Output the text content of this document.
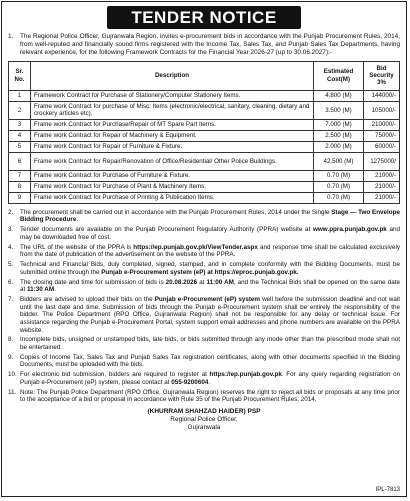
TENDER NOTICE
1.	The Regional Police Officer, Gujranwala Region, invites e-procurement bids in accordance with the Punjab Procurement Rules, 2014, from well-reputed and financially sound firms registered with the Income Tax, Sales Tax, and Punjab Sales Tax Departments, having relevant experience, for the following Framework Contracts for the Financial Year 2026-27 (up to 30.06.2027):-
Sr. No.	Description	Estimated Cost(M)	Bid Security 3%
1	Framework Contract for Purchase of Stationery/Computer Stationery Items.	4.800 (M)	144000/-
2	Frame work Contract for purchase of Misc: Items (electronic/electrical, sanitary, cleaning, dietary and crockery articles etc).	3.500 (M)	105000/-
3	Frame work Contract for Purchase/Repair of MT Spare Part Items.	7.000 (M)	210000/-
4	Frame work Contract for Repair of Machinery & Equipment.	2.500 (M)	75000/-
5	Frame work Contract for Repair of Furniture & Fixture.	2.000 (M)	60000/-
6	Frame work Contract for Repair/Renovation of Office/Residential/ Other Police Buildings.	42.500 (M)	1275000/
7	Frame work Contract for Purchase of Furniture & Fixture.	0.70 (M)	21000/-
8	Frame work Contract for Purchase of Plant & Machinery Items.	0.70 (M)	21000/-
9	Frame work Contract for Purchase of Printing & Publication Items.	0.70 (M)	21000/-
2.	The procurement shall be carried out in accordance with the Punjab Procurement Rules, 2014 under the Single Stage — Two Envelope Bidding Procedure.
3.	Tender documents are available on the Punjab Procurement Regulatory Authority (PPRA) website at www.ppra.punjab.gov.pk and may be downloaded free of cost.
4.	The URL of the website of the PPRA is https://ep.punjab.gov.pk/ViewTender.aspx and response time shall be calculated exclusively from the date of publication of the advertisement on the website of the PPRA.
5.	Technical and Financial Bids, duly completed, signed, stamped, and in complete conformity with the Bidding Documents, must be submitted online through the Punjab e-Procurement system (eP) at https://eproc.punjab.gov.pk.
6.	The closing date and time for submission of bids is 20.08.2026 at 11:00 AM, and the Technical Bids shall be opened on the same date at 11:30 AM.
7.	Bidders are advised to upload their bids on the Punjab e-Procurement (eP) system well before the submission deadline and not wait until the last date and time. Submission of bids through the Punjab e-Procurement system shall be entirely the responsibility of the bidder. The Police Department (RPO Office, Gujranwala Region) shall not be responsible for any delay or technical issue. For assistance regarding the Punjab e-Procurement Portal, system support email addresses and phone numbers are available on the PPRA website.
8.	Incomplete bids, unsigned or unstamped bids, late bids, or bids submitted through any mode other than the prescribed mode shall not be entertained.
9.	Copies of Income Tax, Sales Tax and Punjab Sales Tax registration certificates, along with other documents specified in the Bidding Documents, must be uploaded with the bids.
10. For electronic bid submission, bidders are required to register at https://ep.punjab.gov.pk. For any query regarding registration on Punjab e-Procurement (eP) system, please contact at 055-9200604.
11. Note: The Punjab Police Department (RPO Office, Gujranwala Region) reserves the right to reject all bids or proposals at any time prior to the acceptance of a bid or proposal in accordance with Rule 35 of the Punjab Procurement Rules, 2014.
(KHURRAM SHAHZAD HAIDER) PSP
Regional Police Officer,
Gujranwala
IPL-7813
